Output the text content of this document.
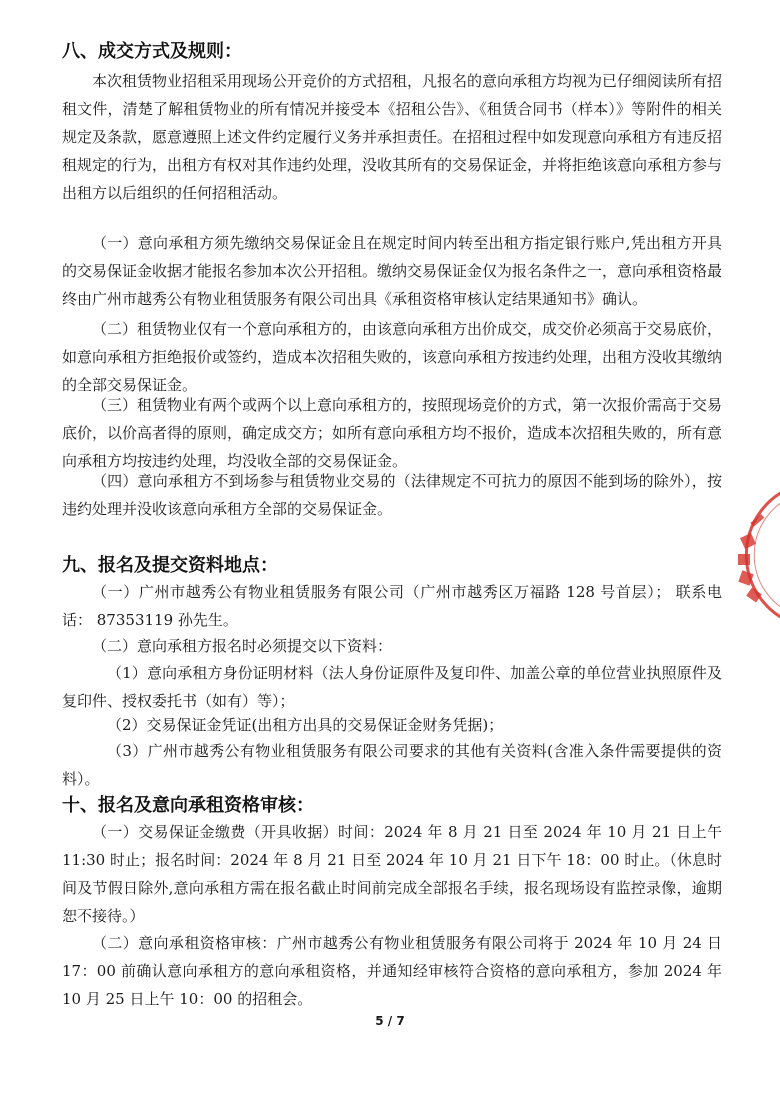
八、成交方式及规则：

本次租赁物业招租采用现场公开竞价的方式招租，凡报名的意向承租方均视为已仔细阅读所有招租文件，清楚了解租赁物业的所有情况并接受本《招租公告》、《租赁合同书（样本）》等附件的相关规定及条款，愿意遵照上述文件约定履行义务并承担责任。在招租过程中如发现意向承租方有违反招租规定的行为，出租方有权对其作违约处理，没收其所有的交易保证金，并将拒绝该意向承租方参与出租方以后组织的任何招租活动。

（一）意向承租方须先缴纳交易保证金且在规定时间内转至出租方指定银行账户,凭出租方开具的交易保证金收据才能报名参加本次公开招租。缴纳交易保证金仅为报名条件之一，意向承租资格最终由广州市越秀公有物业租赁服务有限公司出具《承租资格审核认定结果通知书》确认。

（二）租赁物业仅有一个意向承租方的，由该意向承租方出价成交，成交价必须高于交易底价，如意向承租方拒绝报价或签约，造成本次招租失败的，该意向承租方按违约处理，出租方没收其缴纳的全部交易保证金。

（三）租赁物业有两个或两个以上意向承租方的，按照现场竞价的方式，第一次报价需高于交易底价，以价高者得的原则，确定成交方；如所有意向承租方均不报价，造成本次招租失败的，所有意向承租方均按违约处理，均没收全部的交易保证金。

（四）意向承租方不到场参与租赁物业交易的（法律规定不可抗力的原因不能到场的除外），按违约处理并没收该意向承租方全部的交易保证金。

九、报名及提交资料地点：

（一）广州市越秀公有物业租赁服务有限公司（广州市越秀区万福路 128 号首层）； 联系电话： 87353119 孙先生。

（二）意向承租方报名时必须提交以下资料：

（1）意向承租方身份证明材料（法人身份证原件及复印件、加盖公章的单位营业执照原件及复印件、授权委托书（如有）等）；

（2）交易保证金凭证(出租方出具的交易保证金财务凭据)；

（3）广州市越秀公有物业租赁服务有限公司要求的其他有关资料(含准入条件需要提供的资料）。

十、报名及意向承租资格审核：

（一）交易保证金缴费（开具收据）时间：2024 年 8 月 21 日至 2024 年 10 月 21 日上午 11:30 时止；报名时间：2024 年 8 月 21 日至 2024 年 10 月 21 日下午 18：00 时止。（休息时间及节假日除外,意向承租方需在报名截止时间前完成全部报名手续，报名现场设有监控录像，逾期恕不接待。）

（二）意向承租资格审核：广州市越秀公有物业租赁服务有限公司将于 2024 年 10 月 24 日 17：00 前确认意向承租方的意向承租资格，并通知经审核符合资格的意向承租方，参加 2024 年 10 月 25 日上午 10：00 的招租会。

5 / 7
